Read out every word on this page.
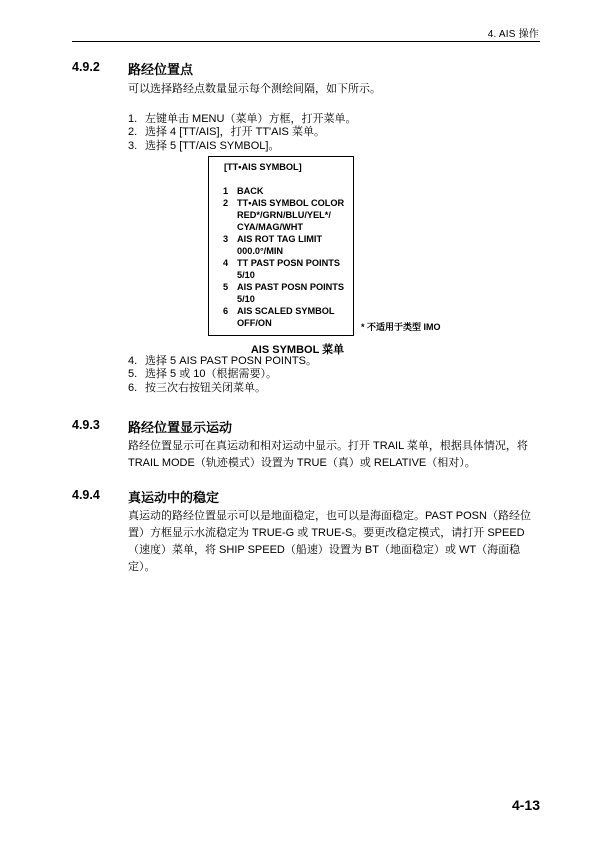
4. AIS 操作
4.9.2 路经位置点
可以选择路经点数量显示每个测绘间隔，如下所示。
1. 左键单击 MENU（菜单）方框，打开菜单。
2. 选择 4 [TT/AIS]，打开 TT'AIS 菜单。
3. 选择 5 [TT/AIS SYMBOL]。
[TT•AIS SYMBOL]
1 BACK
2 TT•AIS SYMBOL COLOR
RED*/GRN/BLU/YEL*/
CYA/MAG/WHT
3 AIS ROT TAG LIMIT
000.0°/MIN
4 TT PAST POSN POINTS
5/10
5 AIS PAST POSN POINTS
5/10
6 AIS SCALED SYMBOL
OFF/ON	* 不适用于类型 IMO
AIS SYMBOL 菜单
4. 选择 5 AIS PAST POSN POINTS。
5. 选择 5 或 10（根据需要）。
6. 按三次右按钮关闭菜单。
4.9.3 路经位置显示运动
路经位置显示可在真运动和相对运动中显示。打开 TRAIL 菜单，根据具体情况，将 TRAIL MODE（轨迹模式）设置为 TRUE（真）或 RELATIVE（相对）。
4.9.4 真运动中的稳定
真运动的路经位置显示可以是地面稳定，也可以是海面稳定。PAST POSN（路经位置）方框显示水流稳定为 TRUE-G 或 TRUE-S。要更改稳定模式，请打开 SPEED（速度）菜单，将 SHIP SPEED（船速）设置为 BT（地面稳定）或 WT（海面稳定）。
4-13
